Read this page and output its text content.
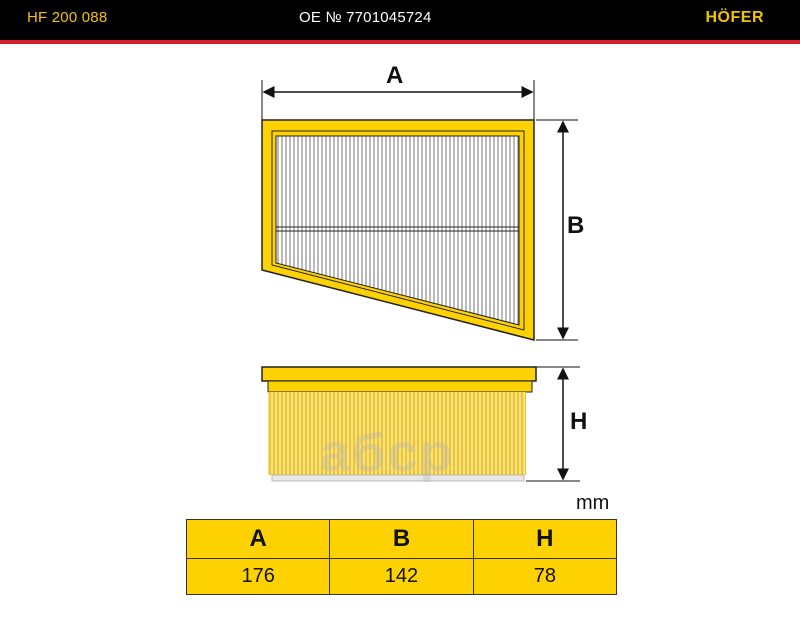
HF 200 088	OE № 7701045724	HÖFER
A
B
H
aбcp
mm
A	B	H
176	142	78
